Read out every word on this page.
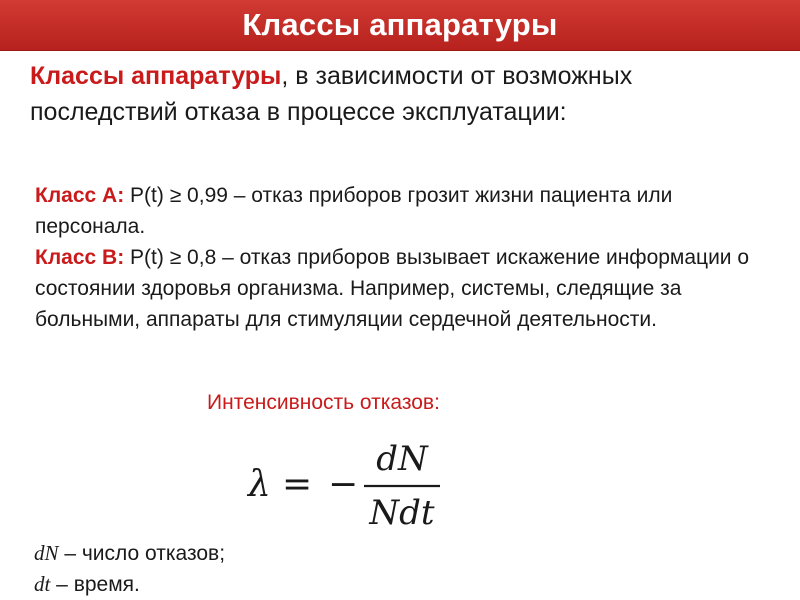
Классы аппаратуры
Классы аппаратуры, в зависимости от возможных последствий отказа в процессе эксплуатации:

Класс А: P(t) ≥ 0,99 – отказ приборов грозит жизни пациента или персонала.

Класс В: P(t) ≥ 0,8 – отказ приборов вызывает искажение информации о состоянии здоровья организма. Например, системы, следящие за больными, аппараты для стимуляции сердечной деятельности.

Интенсивность отказов:
λ = −
dN
Ndt

dN – число отказов;

dt – время.
